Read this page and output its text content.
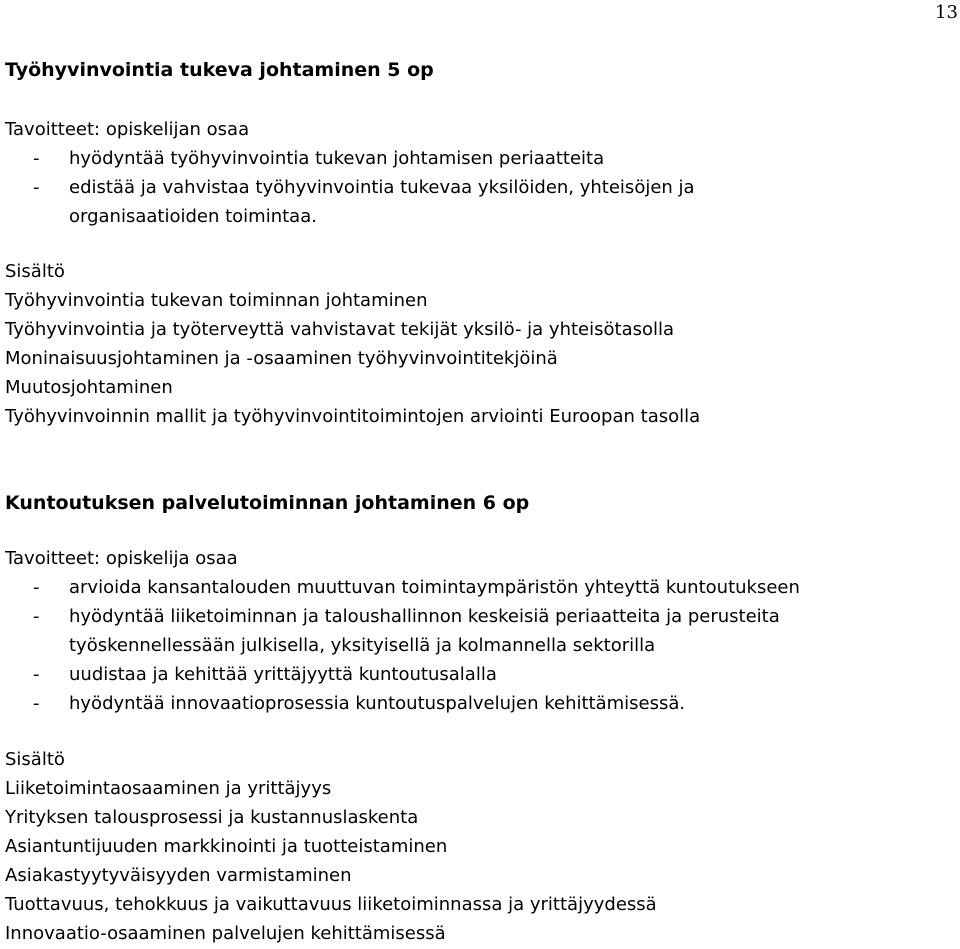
13
Työhyvinvointia tukeva johtaminen 5 op
Tavoitteet: opiskelijan osaa
-	hyödyntää työhyvinvointia tukevan johtamisen periaatteita
-	edistää ja vahvistaa työhyvinvointia tukevaa yksilöiden, yhteisöjen ja
organisaatioiden toimintaa.
Sisältö
Työhyvinvointia tukevan toiminnan johtaminen
Työhyvinvointia ja työterveyttä vahvistavat tekijät yksilö- ja yhteisötasolla
Moninaisuusjohtaminen ja -osaaminen työhyvinvointitekjöinä
Muutosjohtaminen
Työhyvinvoinnin mallit ja työhyvinvointitoimintojen arviointi Euroopan tasolla
Kuntoutuksen palvelutoiminnan johtaminen 6 op
Tavoitteet: opiskelija osaa
-	arvioida kansantalouden muuttuvan toimintaympäristön yhteyttä kuntoutukseen
-	hyödyntää liiketoiminnan ja taloushallinnon keskeisiä periaatteita ja perusteita
työskennellessään julkisella, yksityisellä ja kolmannella sektorilla
-	uudistaa ja kehittää yrittäjyyttä kuntoutusalalla
-	hyödyntää innovaatioprosessia kuntoutuspalvelujen kehittämisessä.
Sisältö
Liiketoimintaosaaminen ja yrittäjyys
Yrityksen talousprosessi ja kustannuslaskenta
Asiantuntijuuden markkinointi ja tuotteistaminen
Asiakastyytyväisyyden varmistaminen
Tuottavuus, tehokkuus ja vaikuttavuus liiketoiminnassa ja yrittäjyydessä
Innovaatio-osaaminen palvelujen kehittämisessä
